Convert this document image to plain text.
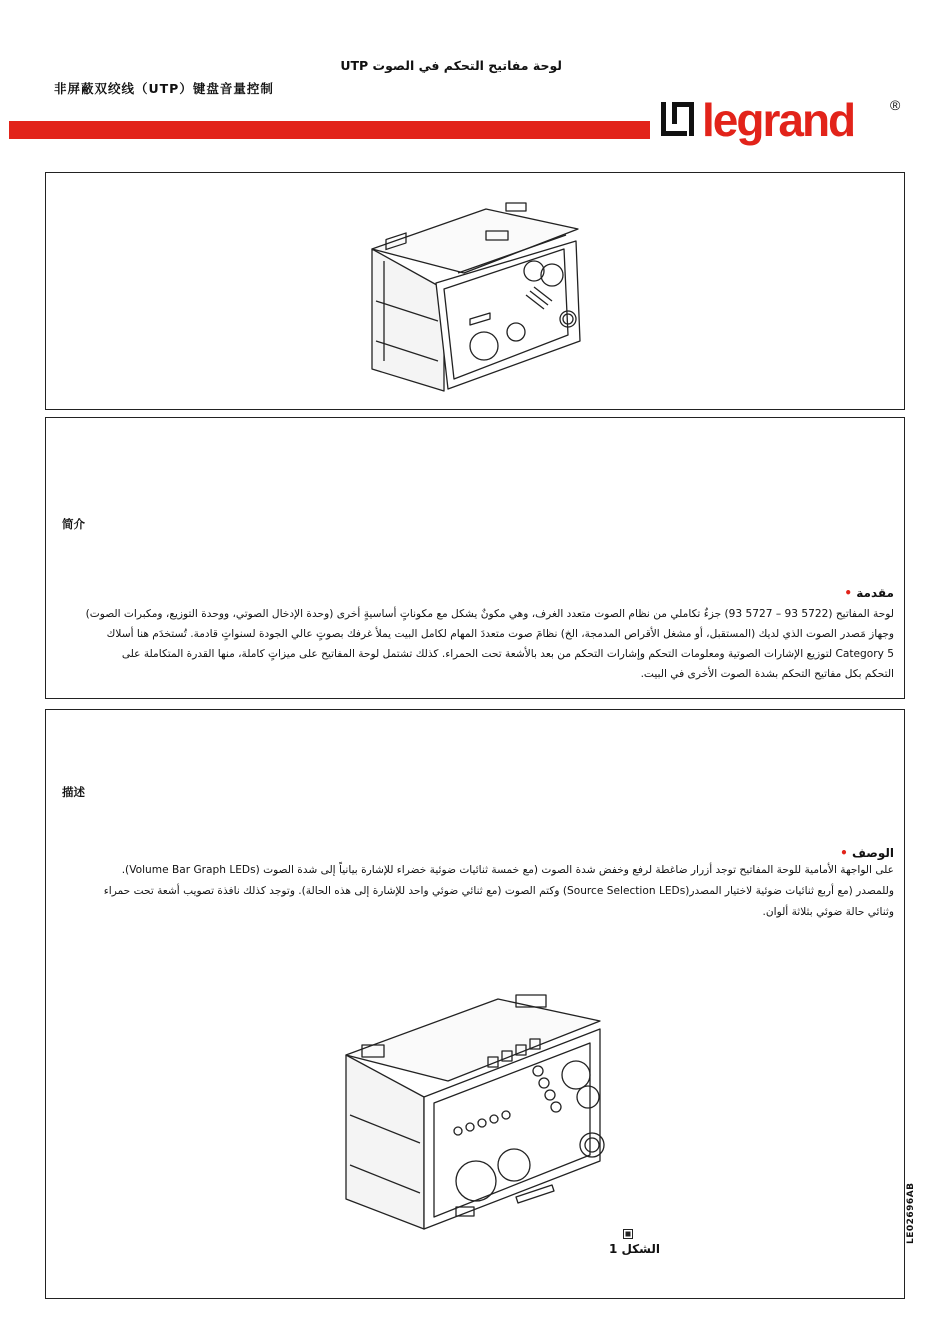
لوحة مفاتيح التحكم في الصوت UTP
非屏蔽双绞线（UTP）键盘音量控制
legrand	®
简介
مقدمة •

لوحة المفاتيح (5722 93 – 5727 93) جزءٌ تكاملي من نظام الصوت متعدد الغرف، وهي مكونٌ يشكل مع مكوناتٍ أساسيةٍ أخرى (وحدة الإدخال الصوتي، ووحدة التوزيع، ومكبرات الصوت)

وجهاز مَصدر الصوت الذي لديك (المستقبل، أو مشغل الأقراص المدمجة، الخ) نظامَ صوت متعددَ المهام لكامل البيت يملأ غرفك بصوتٍ عالي الجودة لسنواتٍ قادمة. تُستخدَم هنا أسلاك

Category 5 لتوزيع الإشارات الصوتية ومعلومات التحكم وإشارات التحكم من بعد بالأشعة تحت الحمراء. كذلك تشتمل لوحة المفاتيح على ميزاتٍ كاملة، منها القدرة المتكاملة على

التحكم بكل مفاتيح التحكم بشدة الصوت الأخرى في البيت.

描述
الوصف •

على الواجهة الأمامية للوحة المفاتيح توجد أزرار ضاغطة لرفع وخفض شدة الصوت (مع خمسة ثنائيات ضوئية خضراء للإشارة بيانياً إلى شدة الصوت (Volume Bar Graph LEDs).

وللمصدر (مع أربع ثنائيات ضوئية لاختيار المصدر(Source Selection LEDs) وكتم الصوت (مع ثنائي ضوئي واحد للإشارة إلى هذه الحالة). وتوجد كذلك نافذة تصويب أشعة تحت حمراء

وثنائي حالة ضوئي بثلاثة ألوان.

الشكل 1
LE02696AB
